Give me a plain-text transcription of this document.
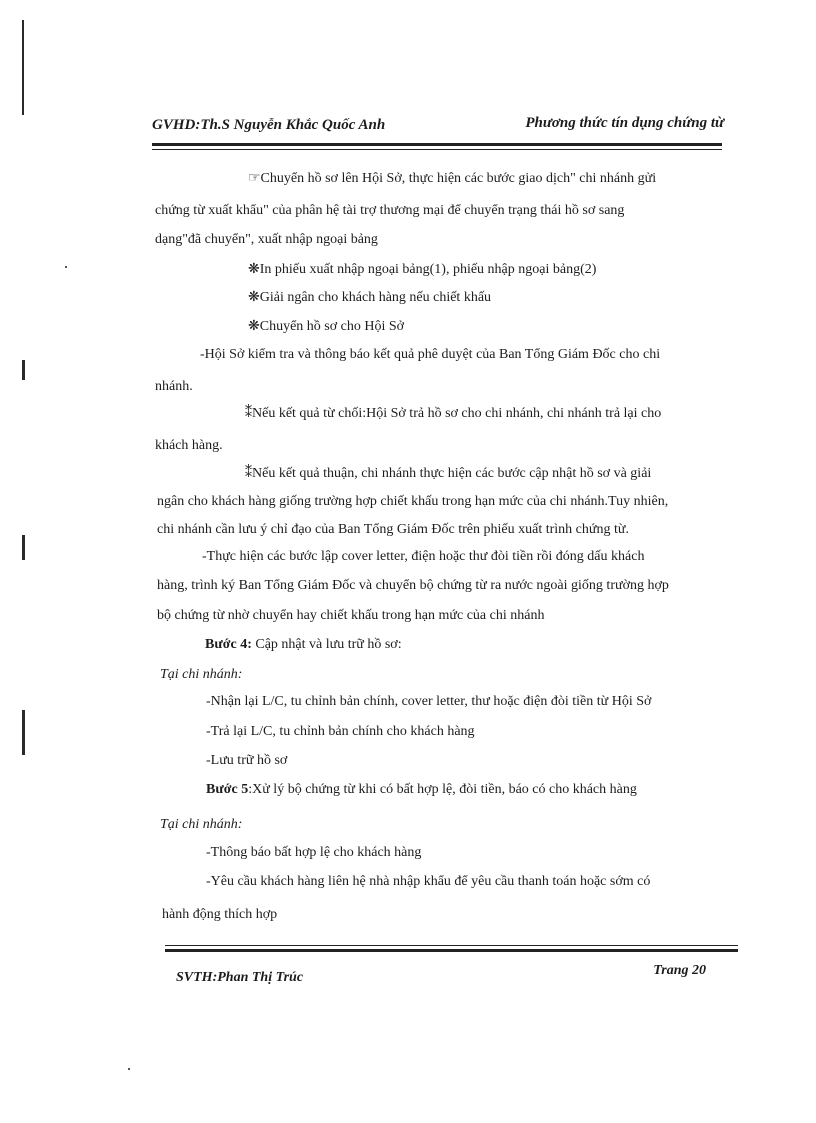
GVHD:Th.S Nguyễn Khắc Quốc Anh	Phương thức tín dụng chứng từ
☞Chuyển hồ sơ lên Hội Sở, thực hiện các bước giao dịch" chi nhánh gửi
chứng từ xuất khẩu" của phân hệ tài trợ thương mại để chuyển trạng thái hồ sơ sang
dạng"đã chuyển", xuất nhập ngoại bảng
❋In phiếu xuất nhập ngoại bảng(1), phiếu nhập ngoại bảng(2)
❋Giải ngân cho khách hàng nếu chiết khấu
❋Chuyển hồ sơ cho Hội Sở
-Hội Sở kiểm tra và thông báo kết quả phê duyệt của Ban Tổng Giám Đốc cho chi
nhánh.
⁑Nếu kết quả từ chối:Hội Sở trả hồ sơ cho chi nhánh, chi nhánh trả lại cho
khách hàng.
⁑Nếu kết quả thuận, chi nhánh thực hiện các bước cập nhật hồ sơ và giải
ngân cho khách hàng giống trường hợp chiết khấu trong hạn mức của chi nhánh.Tuy nhiên,
chi nhánh cần lưu ý chỉ đạo của Ban Tổng Giám Đốc trên phiếu xuất trình chứng từ.
-Thực hiện các bước lập cover letter, điện hoặc thư đòi tiền rồi đóng dấu khách
hàng, trình ký Ban Tổng Giám Đốc và chuyển bộ chứng từ ra nước ngoài giống trường hợp
bộ chứng từ nhờ chuyển hay chiết khấu trong hạn mức của chi nhánh
Bước 4: Cập nhật và lưu trữ hồ sơ:
Tại chi nhánh:
-Nhận lại L/C, tu chỉnh bản chính, cover letter, thư hoặc điện đòi tiền từ Hội Sở
-Trả lại L/C, tu chỉnh bản chính cho khách hàng
-Lưu trữ hồ sơ
Bước 5:Xử lý bộ chứng từ khi có bất hợp lệ, đòi tiền, báo có cho khách hàng
Tại chi nhánh:
-Thông báo bất hợp lệ cho khách hàng
-Yêu cầu khách hàng liên hệ nhà nhập khẩu để yêu cầu thanh toán hoặc sớm có
hành động thích hợp
SVTH:Phan Thị Trúc	Trang 20
